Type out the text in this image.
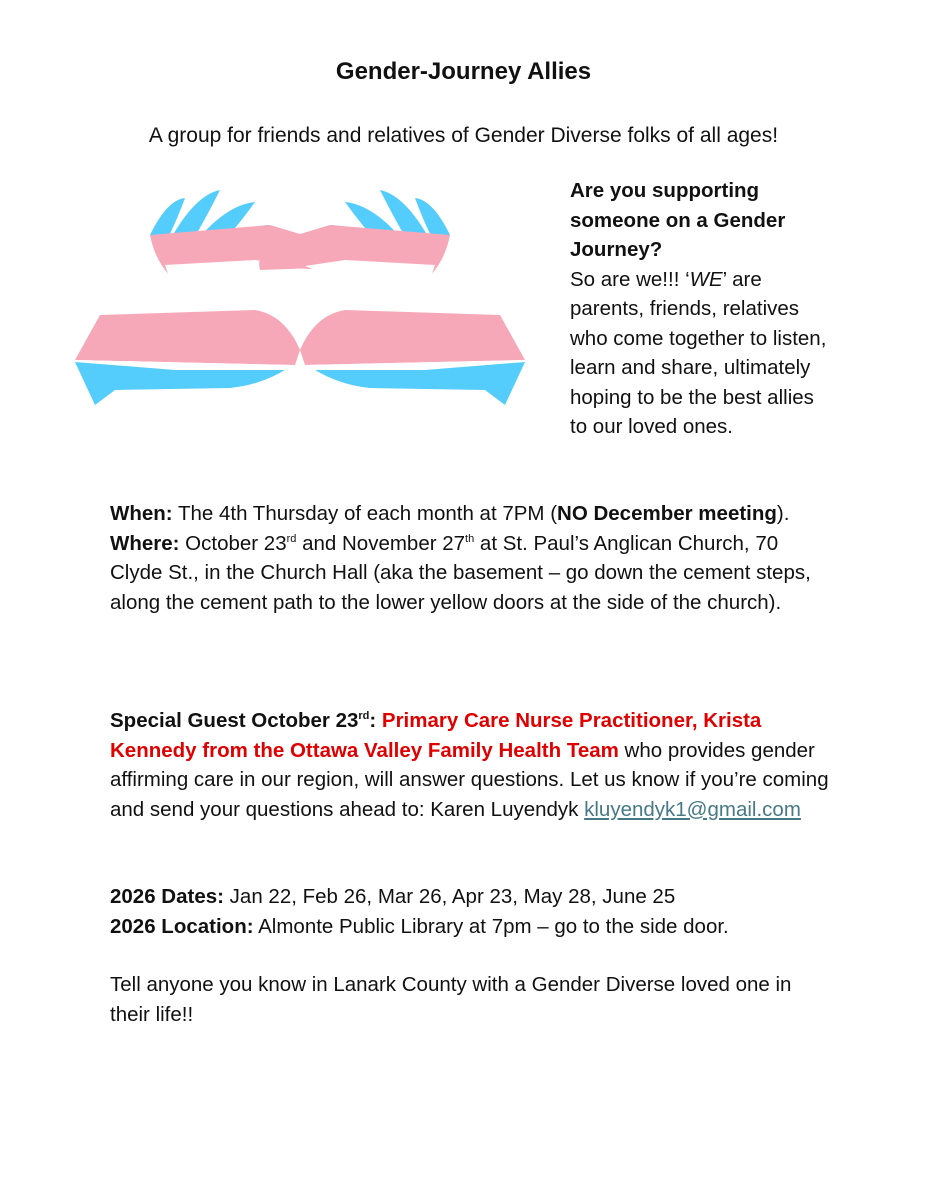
Gender-Journey Allies

A group for friends and relatives of Gender Diverse folks of all ages!

Are you supporting someone on a Gender Journey?

So are we!!! ‘WE’ are parents, friends, relatives who come together to listen, learn and share, ultimately hoping to be the best allies to our loved ones.

When: The 4th Thursday of each month at 7PM (NO December meeting).

Where: October 23rd and November 27th at St. Paul’s Anglican Church, 70 Clyde St., in the Church Hall (aka the basement – go down the cement steps, along the cement path to the lower yellow doors at the side of the church).

Special Guest October 23rd: Primary Care Nurse Practitioner, Krista Kennedy from the Ottawa Valley Family Health Team who provides gender affirming care in our region, will answer questions. Let us know if you’re coming and send your questions ahead to: Karen Luyendyk kluyendyk1@gmail.com

2026 Dates: Jan 22, Feb 26, Mar 26, Apr 23, May 28, June 25

2026 Location: Almonte Public Library at 7pm – go to the side door.

Tell anyone you know in Lanark County with a Gender Diverse loved one in their life!!
